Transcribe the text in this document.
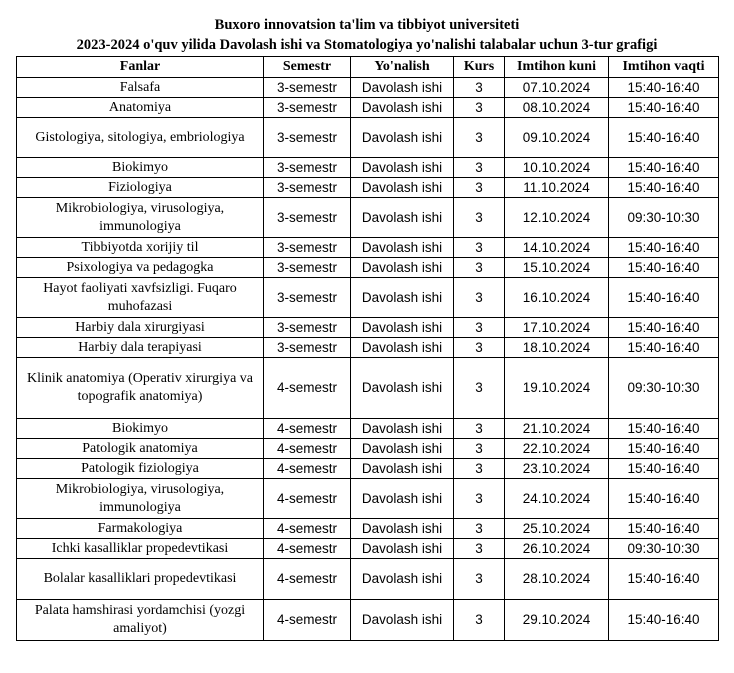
Buxoro innovatsion ta'lim va tibbiyot universiteti
2023-2024 o'quv yilida Davolash ishi va Stomatologiya yo'nalishi talabalar uchun 3-tur grafigi
Fanlar	Semestr	Yo'nalish	Kurs	Imtihon kuni	Imtihon vaqti
Falsafa	3-semestr	Davolash ishi	3	07.10.2024	15:40-16:40
Anatomiya	3-semestr	Davolash ishi	3	08.10.2024	15:40-16:40
Gistologiya, sitologiya, embriologiya	3-semestr	Davolash ishi	3	09.10.2024	15:40-16:40
Biokimyo	3-semestr	Davolash ishi	3	10.10.2024	15:40-16:40
Fiziologiya	3-semestr	Davolash ishi	3	11.10.2024	15:40-16:40
Mikrobiologiya, virusologiya, immunologiya	3-semestr	Davolash ishi	3	12.10.2024	09:30-10:30
Tibbiyotda xorijiy til	3-semestr	Davolash ishi	3	14.10.2024	15:40-16:40
Psixologiya va pedagogka	3-semestr	Davolash ishi	3	15.10.2024	15:40-16:40
Hayot faoliyati xavfsizligi. Fuqaro muhofazasi	3-semestr	Davolash ishi	3	16.10.2024	15:40-16:40
Harbiy dala xirurgiyasi	3-semestr	Davolash ishi	3	17.10.2024	15:40-16:40
Harbiy dala terapiyasi	3-semestr	Davolash ishi	3	18.10.2024	15:40-16:40
Klinik anatomiya (Operativ xirurgiya va topografik anatomiya)	4-semestr	Davolash ishi	3	19.10.2024	09:30-10:30
Biokimyo	4-semestr	Davolash ishi	3	21.10.2024	15:40-16:40
Patologik anatomiya	4-semestr	Davolash ishi	3	22.10.2024	15:40-16:40
Patologik fiziologiya	4-semestr	Davolash ishi	3	23.10.2024	15:40-16:40
Mikrobiologiya, virusologiya, immunologiya	4-semestr	Davolash ishi	3	24.10.2024	15:40-16:40
Farmakologiya	4-semestr	Davolash ishi	3	25.10.2024	15:40-16:40
Ichki kasalliklar propedevtikasi	4-semestr	Davolash ishi	3	26.10.2024	09:30-10:30
Bolalar kasalliklari propedevtikasi	4-semestr	Davolash ishi	3	28.10.2024	15:40-16:40
Palata hamshirasi yordamchisi (yozgi amaliyot)	4-semestr	Davolash ishi	3	29.10.2024	15:40-16:40
